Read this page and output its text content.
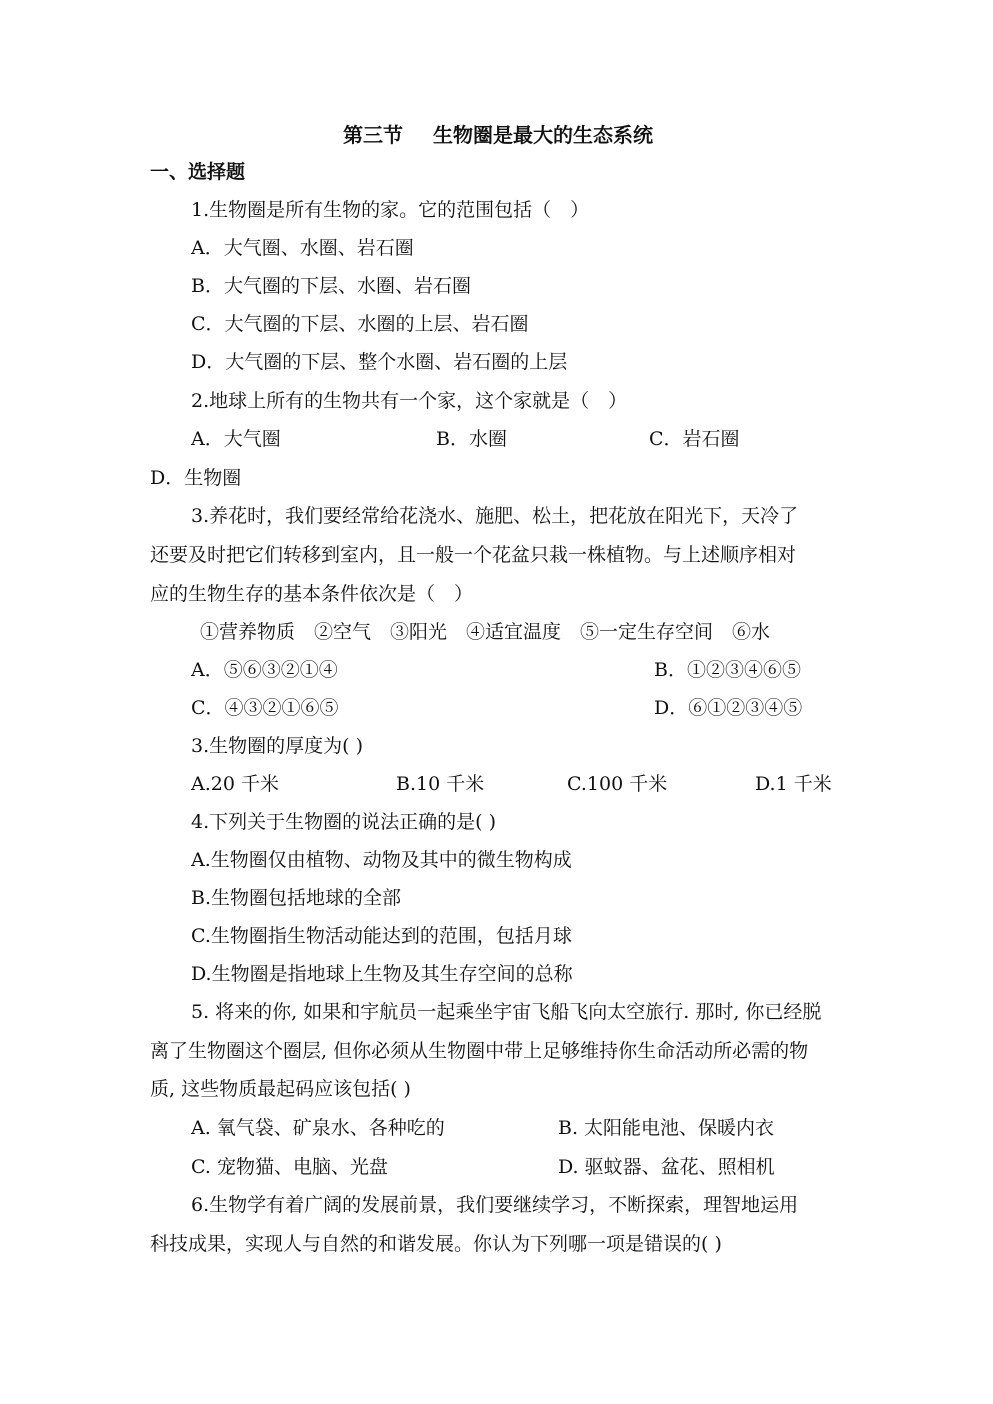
第三节 生物圈是最大的生态系统
一、选择题
1.生物圈是所有生物的家。它的范围包括（　）
A．大气圈、水圈、岩石圈
B．大气圈的下层、水圈、岩石圈
C．大气圈的下层、水圈的上层、岩石圈
D．大气圈的下层、整个水圈、岩石圈的上层
2.地球上所有的生物共有一个家，这个家就是（　）
A．大气圈	B．水圈	C．岩石圈
D．生物圈
3.养花时，我们要经常给花浇水、施肥、松土，把花放在阳光下，天冷了
还要及时把它们转移到室内，且一般一个花盆只栽一株植物。与上述顺序相对
应的生物生存的基本条件依次是（　）
①营养物质　②空气　③阳光　④适宜温度　⑤一定生存空间　⑥水
A．⑤⑥③②①④	B．①②③④⑥⑤
C．④③②①⑥⑤	D．⑥①②③④⑤
3.生物圈的厚度为( )
A.20 千米	B.10 千米	C.100 千米	D.1 千米
4.下列关于生物圈的说法正确的是( )
A.生物圈仅由植物、动物及其中的微生物构成
B.生物圈包括地球的全部
C.生物圈指生物活动能达到的范围，包括月球
D.生物圈是指地球上生物及其生存空间的总称
5. 将来的你, 如果和宇航员一起乘坐宇宙飞船飞向太空旅行. 那时, 你已经脱
离了生物圈这个圈层, 但你必须从生物圈中带上足够维持你生命活动所必需的物
质, 这些物质最起码应该包括( )
A. 氧气袋、矿泉水、各种吃的	B. 太阳能电池、保暖内衣
C. 宠物猫、电脑、光盘	D. 驱蚊器、盆花、照相机
6.生物学有着广阔的发展前景，我们要继续学习，不断探索，理智地运用
科技成果，实现人与自然的和谐发展。你认为下列哪一项是错误的( )
